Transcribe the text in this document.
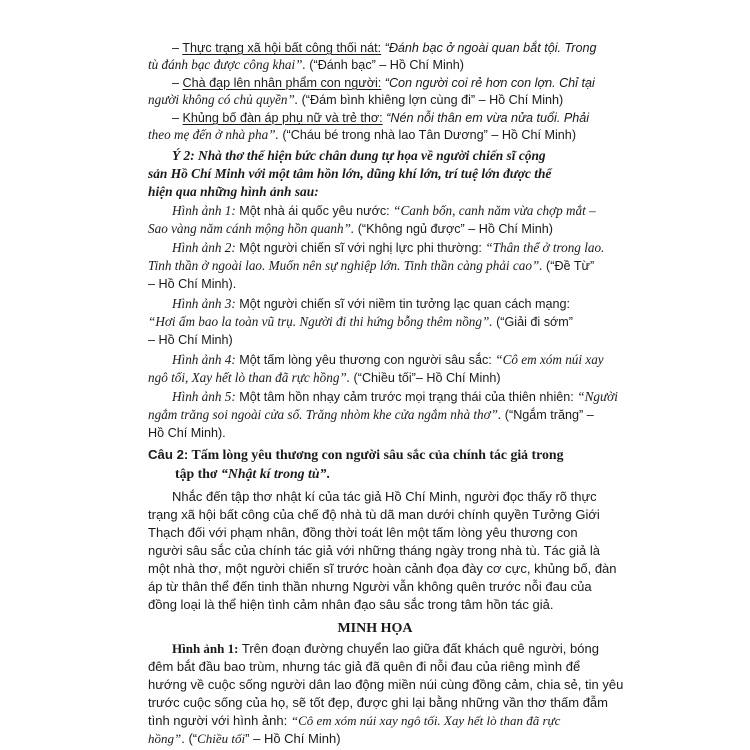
– Thực trạng xã hội bất công thối nát: “Đánh bạc ở ngoài quan bắt tội. Trong
tù đánh bạc được công khai”. (“Đánh bạc” – Hồ Chí Minh)
– Chà đạp lên nhân phẩm con người: “Con người coi rẻ hơn con lợn. Chỉ tại
người không có chủ quyền”. (“Đám bình khiêng lợn cùng đi” – Hồ Chí Minh)
– Khủng bố đàn áp phụ nữ và trẻ thơ: “Nén nỗi thân em vừa nửa tuổi. Phải
theo mẹ đến ở nhà pha”. (“Cháu bé trong nhà lao Tân Dương” – Hồ Chí Minh)
Ý 2: Nhà thơ thể hiện bức chân dung tự họa về người chiến sĩ cộng
sản Hồ Chí Minh với một tâm hồn lớn, dũng khí lớn, trí tuệ lớn được thể
hiện qua những hình ảnh sau:
Hình ảnh 1: Một nhà ái quốc yêu nước: “Canh bốn, canh năm vừa chợp mắt –
Sao vàng năm cánh mộng hồn quanh”. (“Không ngủ được” – Hồ Chí Minh)
Hình ảnh 2: Một người chiến sĩ với nghị lực phi thường: “Thân thể ở trong lao.
Tinh thần ở ngoài lao. Muốn nên sự nghiệp lớn. Tinh thần càng phải cao”. (“Đề Từ”
– Hồ Chí Minh).
Hình ảnh 3: Một người chiến sĩ với niềm tin tưởng lạc quan cách mạng:
“Hơi ấm bao la toàn vũ trụ. Người đi thi hứng bỗng thêm nồng”. (“Giải đi sớm”
– Hồ Chí Minh)
Hình ảnh 4: Một tấm lòng yêu thương con người sâu sắc: “Cô em xóm núi xay
ngô tối, Xay hết lò than đã rực hồng”. (“Chiều tối”– Hồ Chí Minh)
Hình ảnh 5: Một tâm hồn nhạy cảm trước mọi trạng thái của thiên nhiên: “Người
ngắm trăng soi ngoài cửa sổ. Trăng nhòm khe cửa ngắm nhà thơ”. (“Ngắm trăng” –
Hồ Chí Minh).
Câu 2: Tấm lòng yêu thương con người sâu sắc của chính tác giả trong
tập thơ “Nhật kí trong tù”.
Nhắc đến tập thơ nhật kí của tác giả Hồ Chí Minh, người đọc thấy rõ thực
trạng xã hội bất công của chế độ nhà tù dã man dưới chính quyền Tưởng Giới
Thạch đối với phạm nhân, đồng thời toát lên một tấm lòng yêu thương con
người sâu sắc của chính tác giả với những tháng ngày trong nhà tù. Tác giả là
một nhà thơ, một người chiến sĩ trước hoàn cảnh đọa đày cơ cực, khủng bố, đàn
áp từ thân thể đến tinh thần nhưng Người vẫn không quên trước nỗi đau của
đồng loại là thể hiện tình cảm nhân đạo sâu sắc trong tâm hồn tác giả.
MINH HỌA
Hình ảnh 1: Trên đoạn đường chuyển lao giữa đất khách quê người, bóng
đêm bắt đầu bao trùm, nhưng tác giả đã quên đi nỗi đau của riêng mình để
hướng về cuộc sống người dân lao động miền núi cùng đồng cảm, chia sẻ, tin yêu
trước cuộc sống của họ, sẽ tốt đẹp, được ghi lại bằng những vần thơ thấm đẫm
tình người với hình ảnh: “Cô em xóm núi xay ngô tối. Xay hết lò than đã rực
hồng”. (“Chiều tối” – Hồ Chí Minh)
